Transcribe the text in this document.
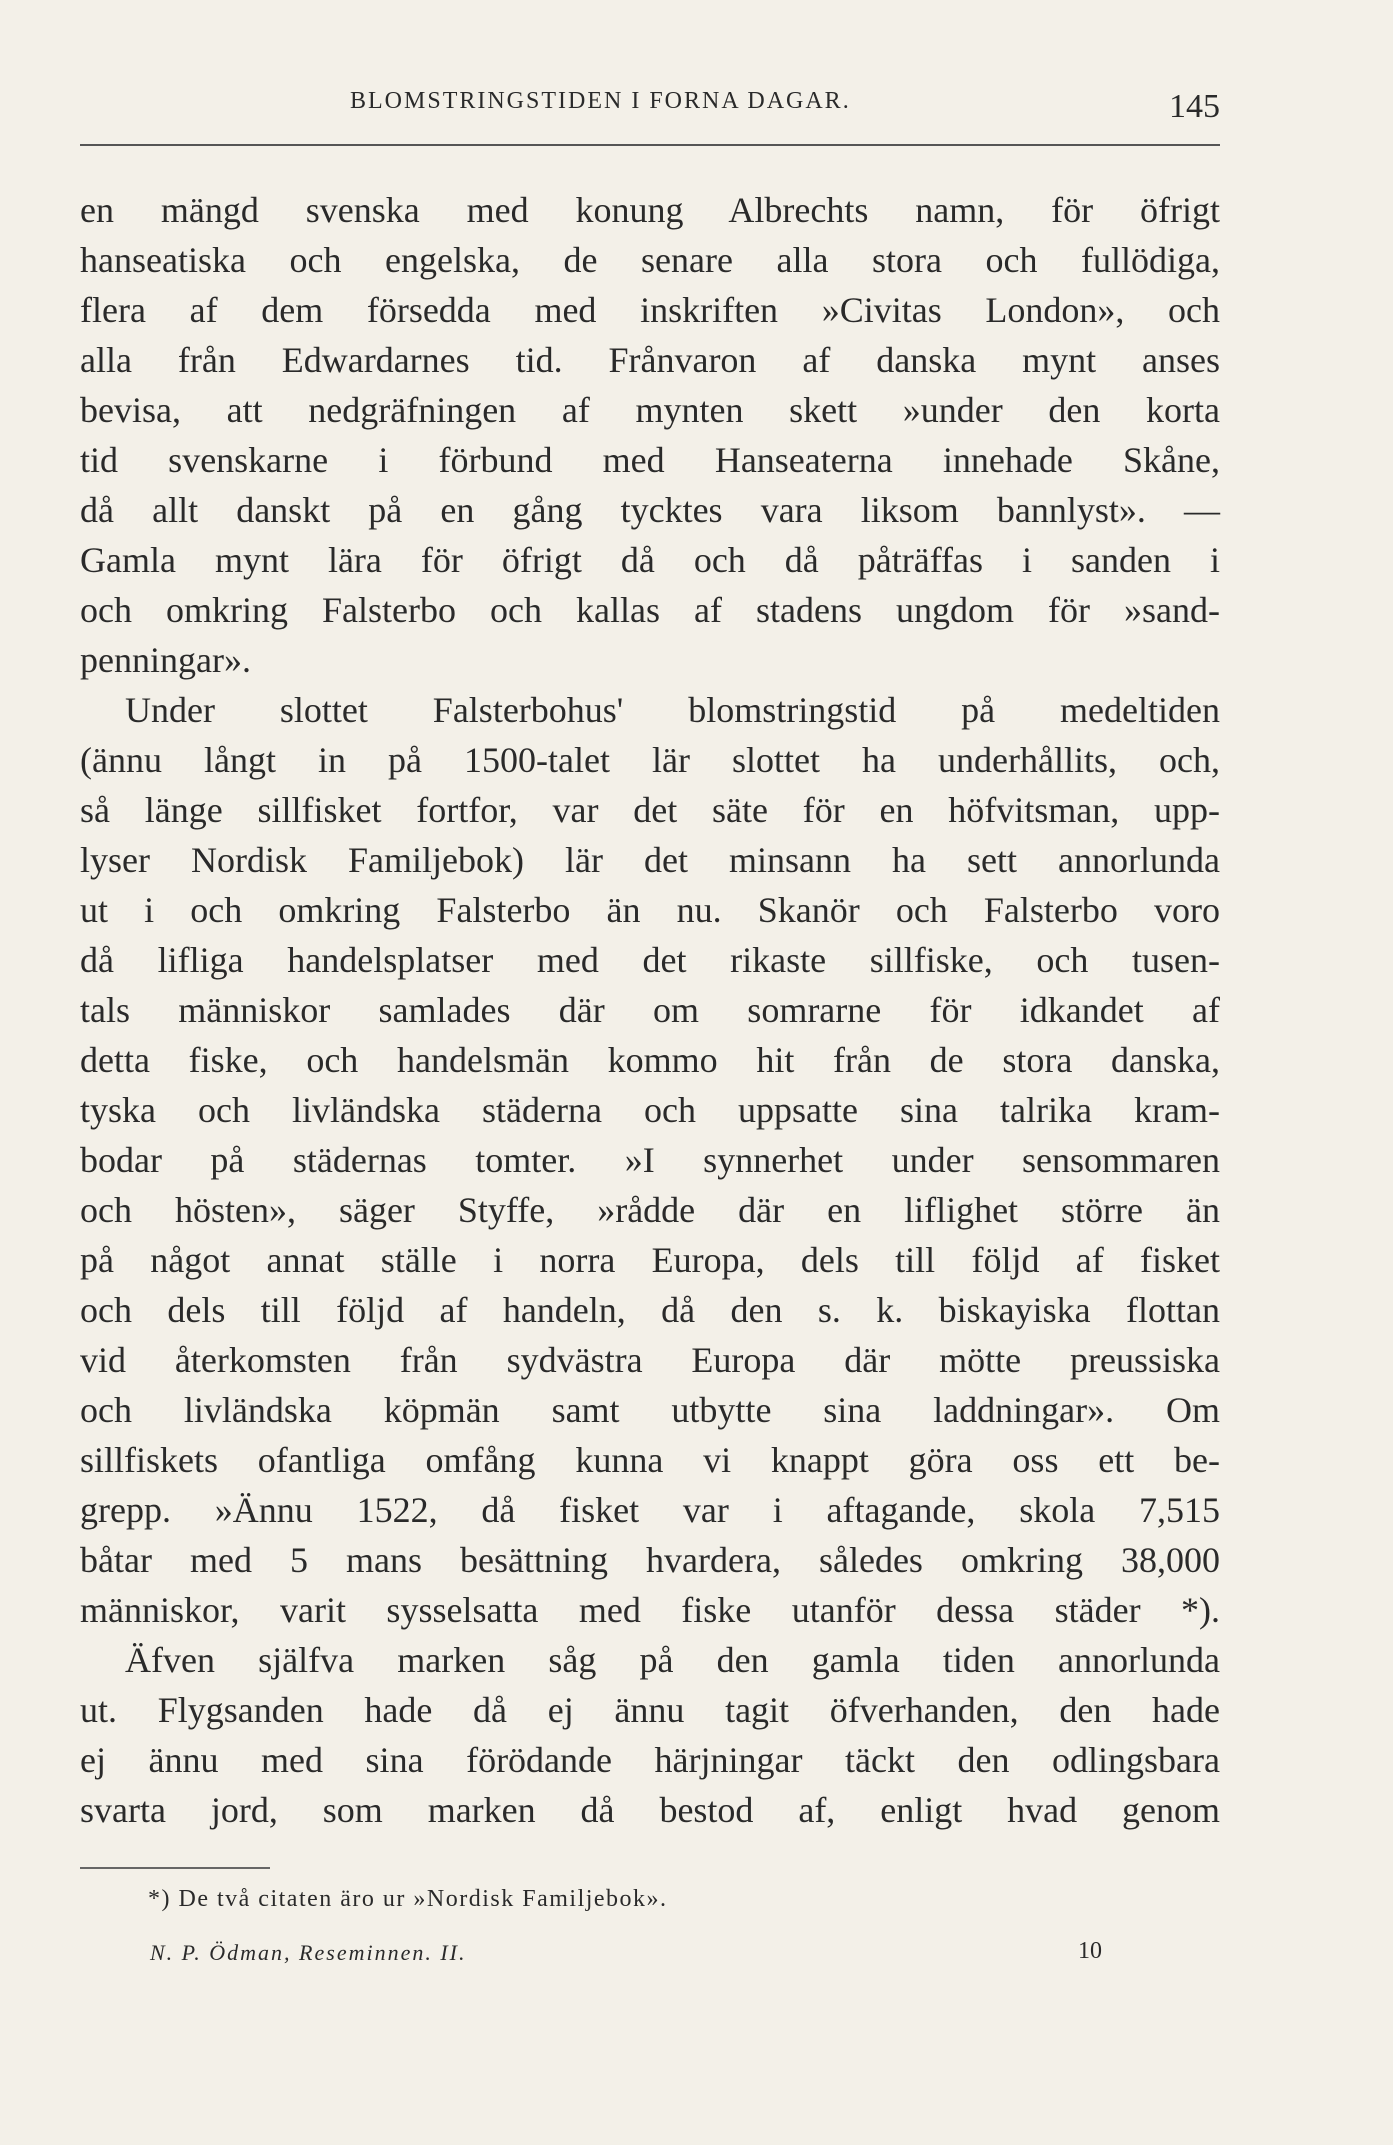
BLOMSTRINGSTIDEN I FORNA DAGAR.	145
en mängd svenska med konung Albrechts namn, för öfrigt
hanseatiska och engelska, de senare alla stora och fullödiga,
flera af dem försedda med inskriften »Civitas London», och
alla från Edwardarnes tid. Frånvaron af danska mynt anses
bevisa, att nedgräfningen af mynten skett »under den korta
tid svenskarne i förbund med Hanseaterna innehade Skåne,
då allt danskt på en gång tycktes vara liksom bannlyst». —
Gamla mynt lära för öfrigt då och då påträffas i sanden i
och omkring Falsterbo och kallas af stadens ungdom för »sand-
penningar».
Under slottet Falsterbohus' blomstringstid på medeltiden
(ännu långt in på 1500-talet lär slottet ha underhållits, och,
så länge sillfisket fortfor, var det säte för en höfvitsman, upp-
lyser Nordisk Familjebok) lär det minsann ha sett annorlunda
ut i och omkring Falsterbo än nu. Skanör och Falsterbo voro
då lifliga handelsplatser med det rikaste sillfiske, och tusen-
tals människor samlades där om somrarne för idkandet af
detta fiske, och handelsmän kommo hit från de stora danska,
tyska och livländska städerna och uppsatte sina talrika kram-
bodar på städernas tomter. »I synnerhet under sensommaren
och hösten», säger Styffe, »rådde där en liflighet större än
på något annat ställe i norra Europa, dels till följd af fisket
och dels till följd af handeln, då den s. k. biskayiska flottan
vid återkomsten från sydvästra Europa där mötte preussiska
och livländska köpmän samt utbytte sina laddningar». Om
sillfiskets ofantliga omfång kunna vi knappt göra oss ett be-
grepp. »Ännu 1522, då fisket var i aftagande, skola 7,515
båtar med 5 mans besättning hvardera, således omkring 38,000
människor, varit sysselsatta med fiske utanför dessa städer *).
Äfven själfva marken såg på den gamla tiden annorlunda
ut. Flygsanden hade då ej ännu tagit öfverhanden, den hade
ej ännu med sina förödande härjningar täckt den odlingsbara
svarta jord, som marken då bestod af, enligt hvad genom
*) De två citaten äro ur »Nordisk Familjebok».
N. P. Ödman, Reseminnen. II.	10
